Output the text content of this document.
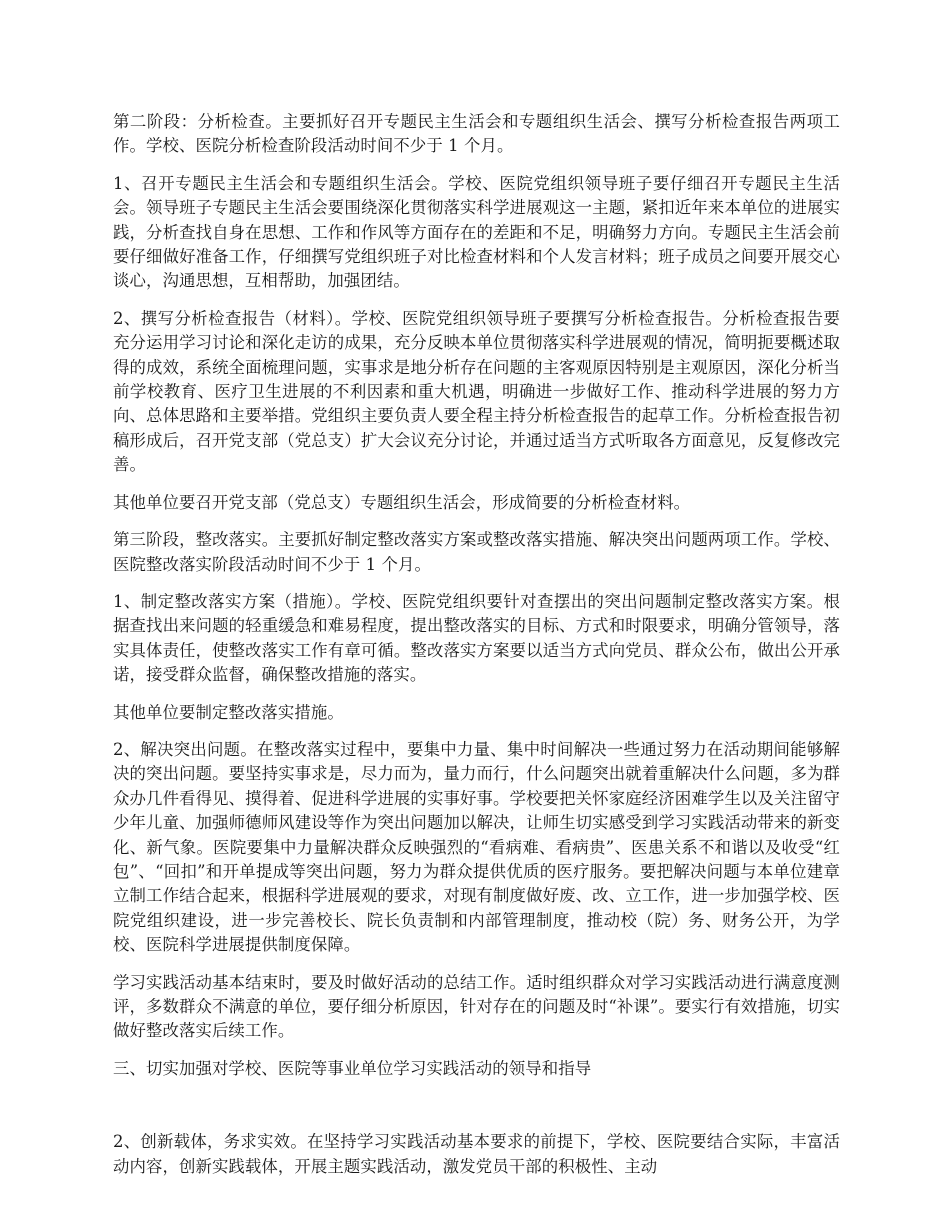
第二阶段：分析检查。主要抓好召开专题民主生活会和专题组织生活会、撰写分析检查报告两项工作。学校、医院分析检查阶段活动时间不少于 1 个月。

1、召开专题民主生活会和专题组织生活会。学校、医院党组织领导班子要仔细召开专题民主生活会。领导班子专题民主生活会要围绕深化贯彻落实科学进展观这一主题，紧扣近年来本单位的进展实践，分析查找自身在思想、工作和作风等方面存在的差距和不足，明确努力方向。专题民主生活会前要仔细做好准备工作，仔细撰写党组织班子对比检查材料和个人发言材料；班子成员之间要开展交心谈心，沟通思想，互相帮助，加强团结。

2、撰写分析检查报告（材料）。学校、医院党组织领导班子要撰写分析检查报告。分析检查报告要充分运用学习讨论和深化走访的成果，充分反映本单位贯彻落实科学进展观的情况，简明扼要概述取得的成效，系统全面梳理问题，实事求是地分析存在问题的主客观原因特别是主观原因，深化分析当前学校教育、医疗卫生进展的不利因素和重大机遇，明确进一步做好工作、推动科学进展的努力方向、总体思路和主要举措。党组织主要负责人要全程主持分析检查报告的起草工作。分析检查报告初稿形成后，召开党支部（党总支）扩大会议充分讨论，并通过适当方式听取各方面意见，反复修改完善。

其他单位要召开党支部（党总支）专题组织生活会，形成简要的分析检查材料。

第三阶段，整改落实。主要抓好制定整改落实方案或整改落实措施、解决突出问题两项工作。学校、医院整改落实阶段活动时间不少于 1 个月。

1、制定整改落实方案（措施）。学校、医院党组织要针对查摆出的突出问题制定整改落实方案。根据查找出来问题的轻重缓急和难易程度，提出整改落实的目标、方式和时限要求，明确分管领导，落实具体责任，使整改落实工作有章可循。整改落实方案要以适当方式向党员、群众公布，做出公开承诺，接受群众监督，确保整改措施的落实。

其他单位要制定整改落实措施。

2、解决突出问题。在整改落实过程中，要集中力量、集中时间解决一些通过努力在活动期间能够解决的突出问题。要坚持实事求是，尽力而为，量力而行，什么问题突出就着重解决什么问题，多为群众办几件看得见、摸得着、促进科学进展的实事好事。学校要把关怀家庭经济困难学生以及关注留守少年儿童、加强师德师风建设等作为突出问题加以解决，让师生切实感受到学习实践活动带来的新变化、新气象。医院要集中力量解决群众反映强烈的“看病难、看病贵”、医患关系不和谐以及收受“红包”、“回扣”和开单提成等突出问题，努力为群众提供优质的医疗服务。要把解决问题与本单位建章立制工作结合起来，根据科学进展观的要求，对现有制度做好废、改、立工作，进一步加强学校、医院党组织建设，进一步完善校长、院长负责制和内部管理制度，推动校（院）务、财务公开，为学校、医院科学进展提供制度保障。

学习实践活动基本结束时，要及时做好活动的总结工作。适时组织群众对学习实践活动进行满意度测评，多数群众不满意的单位，要仔细分析原因，针对存在的问题及时“补课”。要实行有效措施，切实做好整改落实后续工作。

三、切实加强对学校、医院等事业单位学习实践活动的领导和指导

2、创新载体，务求实效。在坚持学习实践活动基本要求的前提下，学校、医院要结合实际，丰富活动内容，创新实践载体，开展主题实践活动，激发党员干部的积极性、主动
